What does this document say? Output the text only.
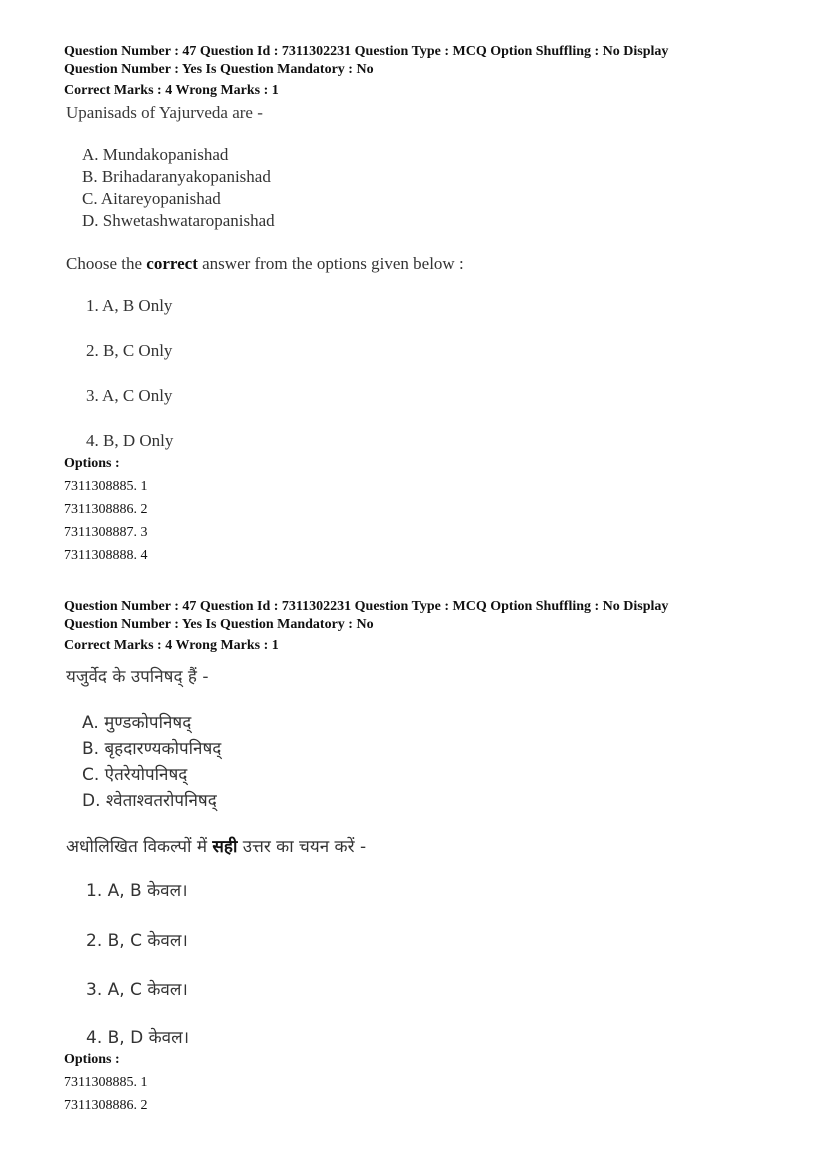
Question Number : 47 Question Id : 7311302231 Question Type : MCQ Option Shuffling : No Display
Question Number : Yes Is Question Mandatory : No
Correct Marks : 4 Wrong Marks : 1
Upanisads of Yajurveda are -
A. Mundakopanishad
B. Brihadaranyakopanishad
C. Aitareyopanishad
D. Shwetashwataropanishad
Choose the correct answer from the options given below :
1. A, B Only
2. B, C Only
3. A, C Only
4. B, D Only
Options :
7311308885. 1
7311308886. 2
7311308887. 3
7311308888. 4
Question Number : 47 Question Id : 7311302231 Question Type : MCQ Option Shuffling : No Display
Question Number : Yes Is Question Mandatory : No
Correct Marks : 4 Wrong Marks : 1
यजुर्वेद के उपनिषद् हैं -
A. मुण्डकोपनिषद्
B. बृहदारण्यकोपनिषद्
C. ऐतरेयोपनिषद्
D. श्वेताश्वतरोपनिषद्
अधोलिखित विकल्पों में सही उत्तर का चयन करें -
1. A, B केवल।
2. B, C केवल।
3. A, C केवल।
4. B, D केवल।
Options :
7311308885. 1
7311308886. 2
